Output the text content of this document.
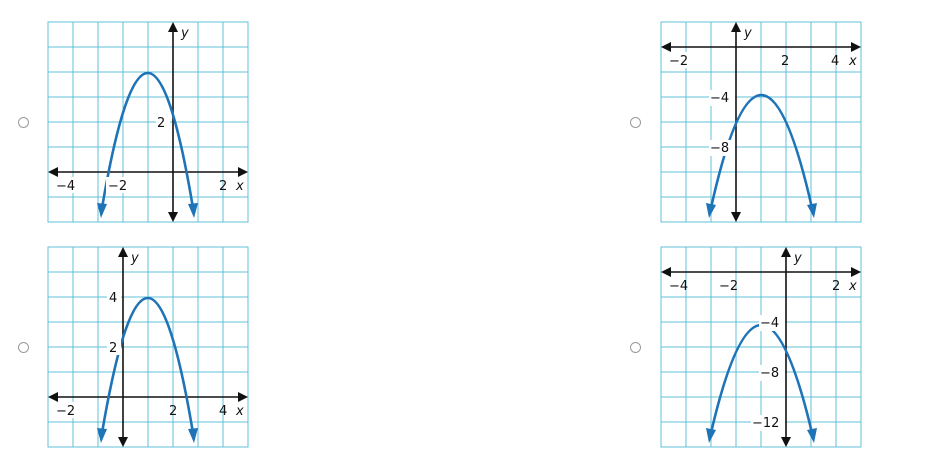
2
−4	−2	2 x
y
−2	2	4 x
y
−4
−8
−2	2	4 x
y
4
2
−4 −2	2 x
y
−4
−8
−12
